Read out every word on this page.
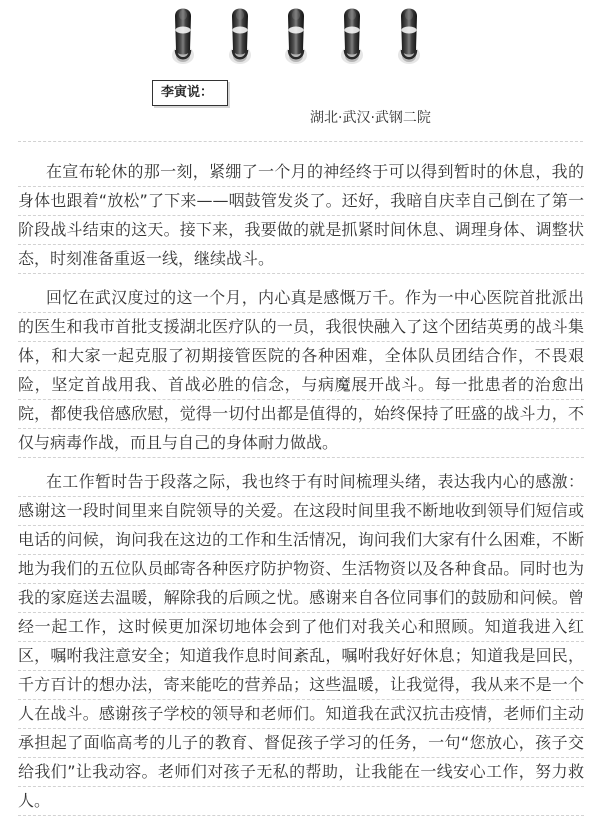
李寅说：
湖北·武汉·武钢二院
在宣布轮休的那一刻，紧绷了一个月的神经终于可以得到暂时的休息，我的
身体也跟着“放松”了下来——咽鼓管发炎了。还好，我暗自庆幸自己倒在了第一
阶段战斗结束的这天。接下来，我要做的就是抓紧时间休息、调理身体、调整状
态，时刻准备重返一线，继续战斗。
回忆在武汉度过的这一个月，内心真是感慨万千。作为一中心医院首批派出
的医生和我市首批支援湖北医疗队的一员，我很快融入了这个团结英勇的战斗集
体，和大家一起克服了初期接管医院的各种困难，全体队员团结合作，不畏艰
险，坚定首战用我、首战必胜的信念，与病魔展开战斗。每一批患者的治愈出
院，都使我倍感欣慰，觉得一切付出都是值得的，始终保持了旺盛的战斗力，不
仅与病毒作战，而且与自己的身体耐力做战。
在工作暂时告于段落之际，我也终于有时间梳理头绪，表达我内心的感激：
感谢这一段时间里来自院领导的关爱。在这段时间里我不断地收到领导们短信或
电话的问候，询问我在这边的工作和生活情况，询问我们大家有什么困难，不断
地为我们的五位队员邮寄各种医疗防护物资、生活物资以及各种食品。同时也为
我的家庭送去温暖，解除我的后顾之忧。感谢来自各位同事们的鼓励和问候。曾
经一起工作，这时候更加深切地体会到了他们对我关心和照顾。知道我进入红
区，嘱咐我注意安全；知道我作息时间紊乱，嘱咐我好好休息；知道我是回民，
千方百计的想办法，寄来能吃的营养品；这些温暖，让我觉得，我从来不是一个
人在战斗。感谢孩子学校的领导和老师们。知道我在武汉抗击疫情，老师们主动
承担起了面临高考的儿子的教育、督促孩子学习的任务，一句“您放心，孩子交
给我们”让我动容。老师们对孩子无私的帮助，让我能在一线安心工作，努力救
人。
